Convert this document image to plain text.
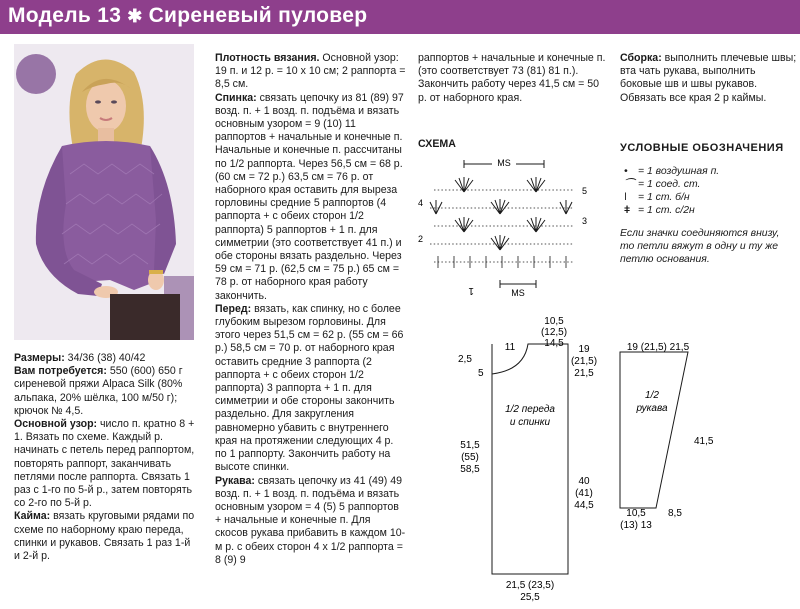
Модель 13 ✱ Сиреневый пуловер

Размеры: 34/36 (38) 40/42

Вам потребуется: 550 (600) 650 г сиреневой пряжи Alpaca Silk (80% альпака, 20% шёлка, 100 м/50 г); крючок № 4,5.

Основной узор: число п. кратно 8 + 1. Вязать по схеме. Каждый р. начинать с петель перед раппортом, повторять раппорт, заканчивать петлями после раппорта. Связать 1 раз с 1-го по 5-й р., затем повторять со 2-го по 5-й р.

Кайма: вязать круговыми рядами по схеме по наборному краю переда, спинки и рукавов. Связать 1 раз 1-й и 2-й р.

Плотность вязания. Основной узор: 19 п. и 12 р. = 10 х 10 см; 2 раппорта = 8,5 см.

Спинка: связать цепочку из 81 (89) 97 возд. п. + 1 возд. п. подъёма и вязать основным узором = 9 (10) 11 раппортов + начальные и конечные п. Начальные и конечные п. рассчитаны по 1/2 раппорта. Через 56,5 см = 68 р. (60 см = 72 р.) 63,5 см = 76 р. от наборного края оставить для выреза горловины средние 5 раппортов (4 раппорта + с обеих сторон 1/2 раппорта) 5 раппортов + 1 п. для симметрии (это соответствует 41 п.) и обе стороны вязать раздельно. Через 59 см = 71 р. (62,5 см = 75 р.) 65 см = 78 р. от наборного края работу закончить.

Перед: вязать, как спинку, но с более глубоким вырезом горловины. Для этого через 51,5 см = 62 р. (55 см = 66 р.) 58,5 см = 70 р. от наборного края оставить средние 3 раппорта (2 раппорта + с обеих сторон 1/2 раппорта) 3 раппорта + 1 п. для симметрии и обе стороны закончить раздельно. Для закругления равномерно убавить с внутреннего края на протяжении следующих 4 р. по 1 раппорту. Закончить работу на высоте спинки.

Рукава: связать цепочку из 41 (49) 49 возд. п. + 1 возд. п. подъёма и вязать основным узором = 4 (5) 5 раппортов + начальные и конечные п. Для скосов рукава прибавить в каждом 10-м р. с обеих сторон 4 х 1/2 раппорта = 8 (9) 9

раппортов + начальные и конечные п. (это соответствует 73 (81) 81 п.). Закончить работу через 41,5 см = 50 р. от наборного края.

Сборка: выполнить плечевые швы; вта чать рукава, выполнить боковые шв и швы рукавов. Обвязать все края 2 р каймы.

СХЕМА
MS
5
4
3
2
1	MS
УСЛОВНЫЕ ОБОЗНАЧЕНИЯ
• = 1 воздушная п.
⌒ = 1 соед. ст.
ǀ = 1 ст. б/н
ǂ = 1 ст. с/2н
Если значки соединяются внизу, то петли вяжут в одну и ту же петлю основания.
10,5
(12,5)
14,5
11
2,5
5
1/2 переда
и спинки
19
(21,5)
21,5
51,5
(55)
58,5
40
(41)
44,5
21,5 (23,5)
25,5
19 (21,5) 21,5
1/2
рукава
41,5
10,5
(13) 13
8,5
